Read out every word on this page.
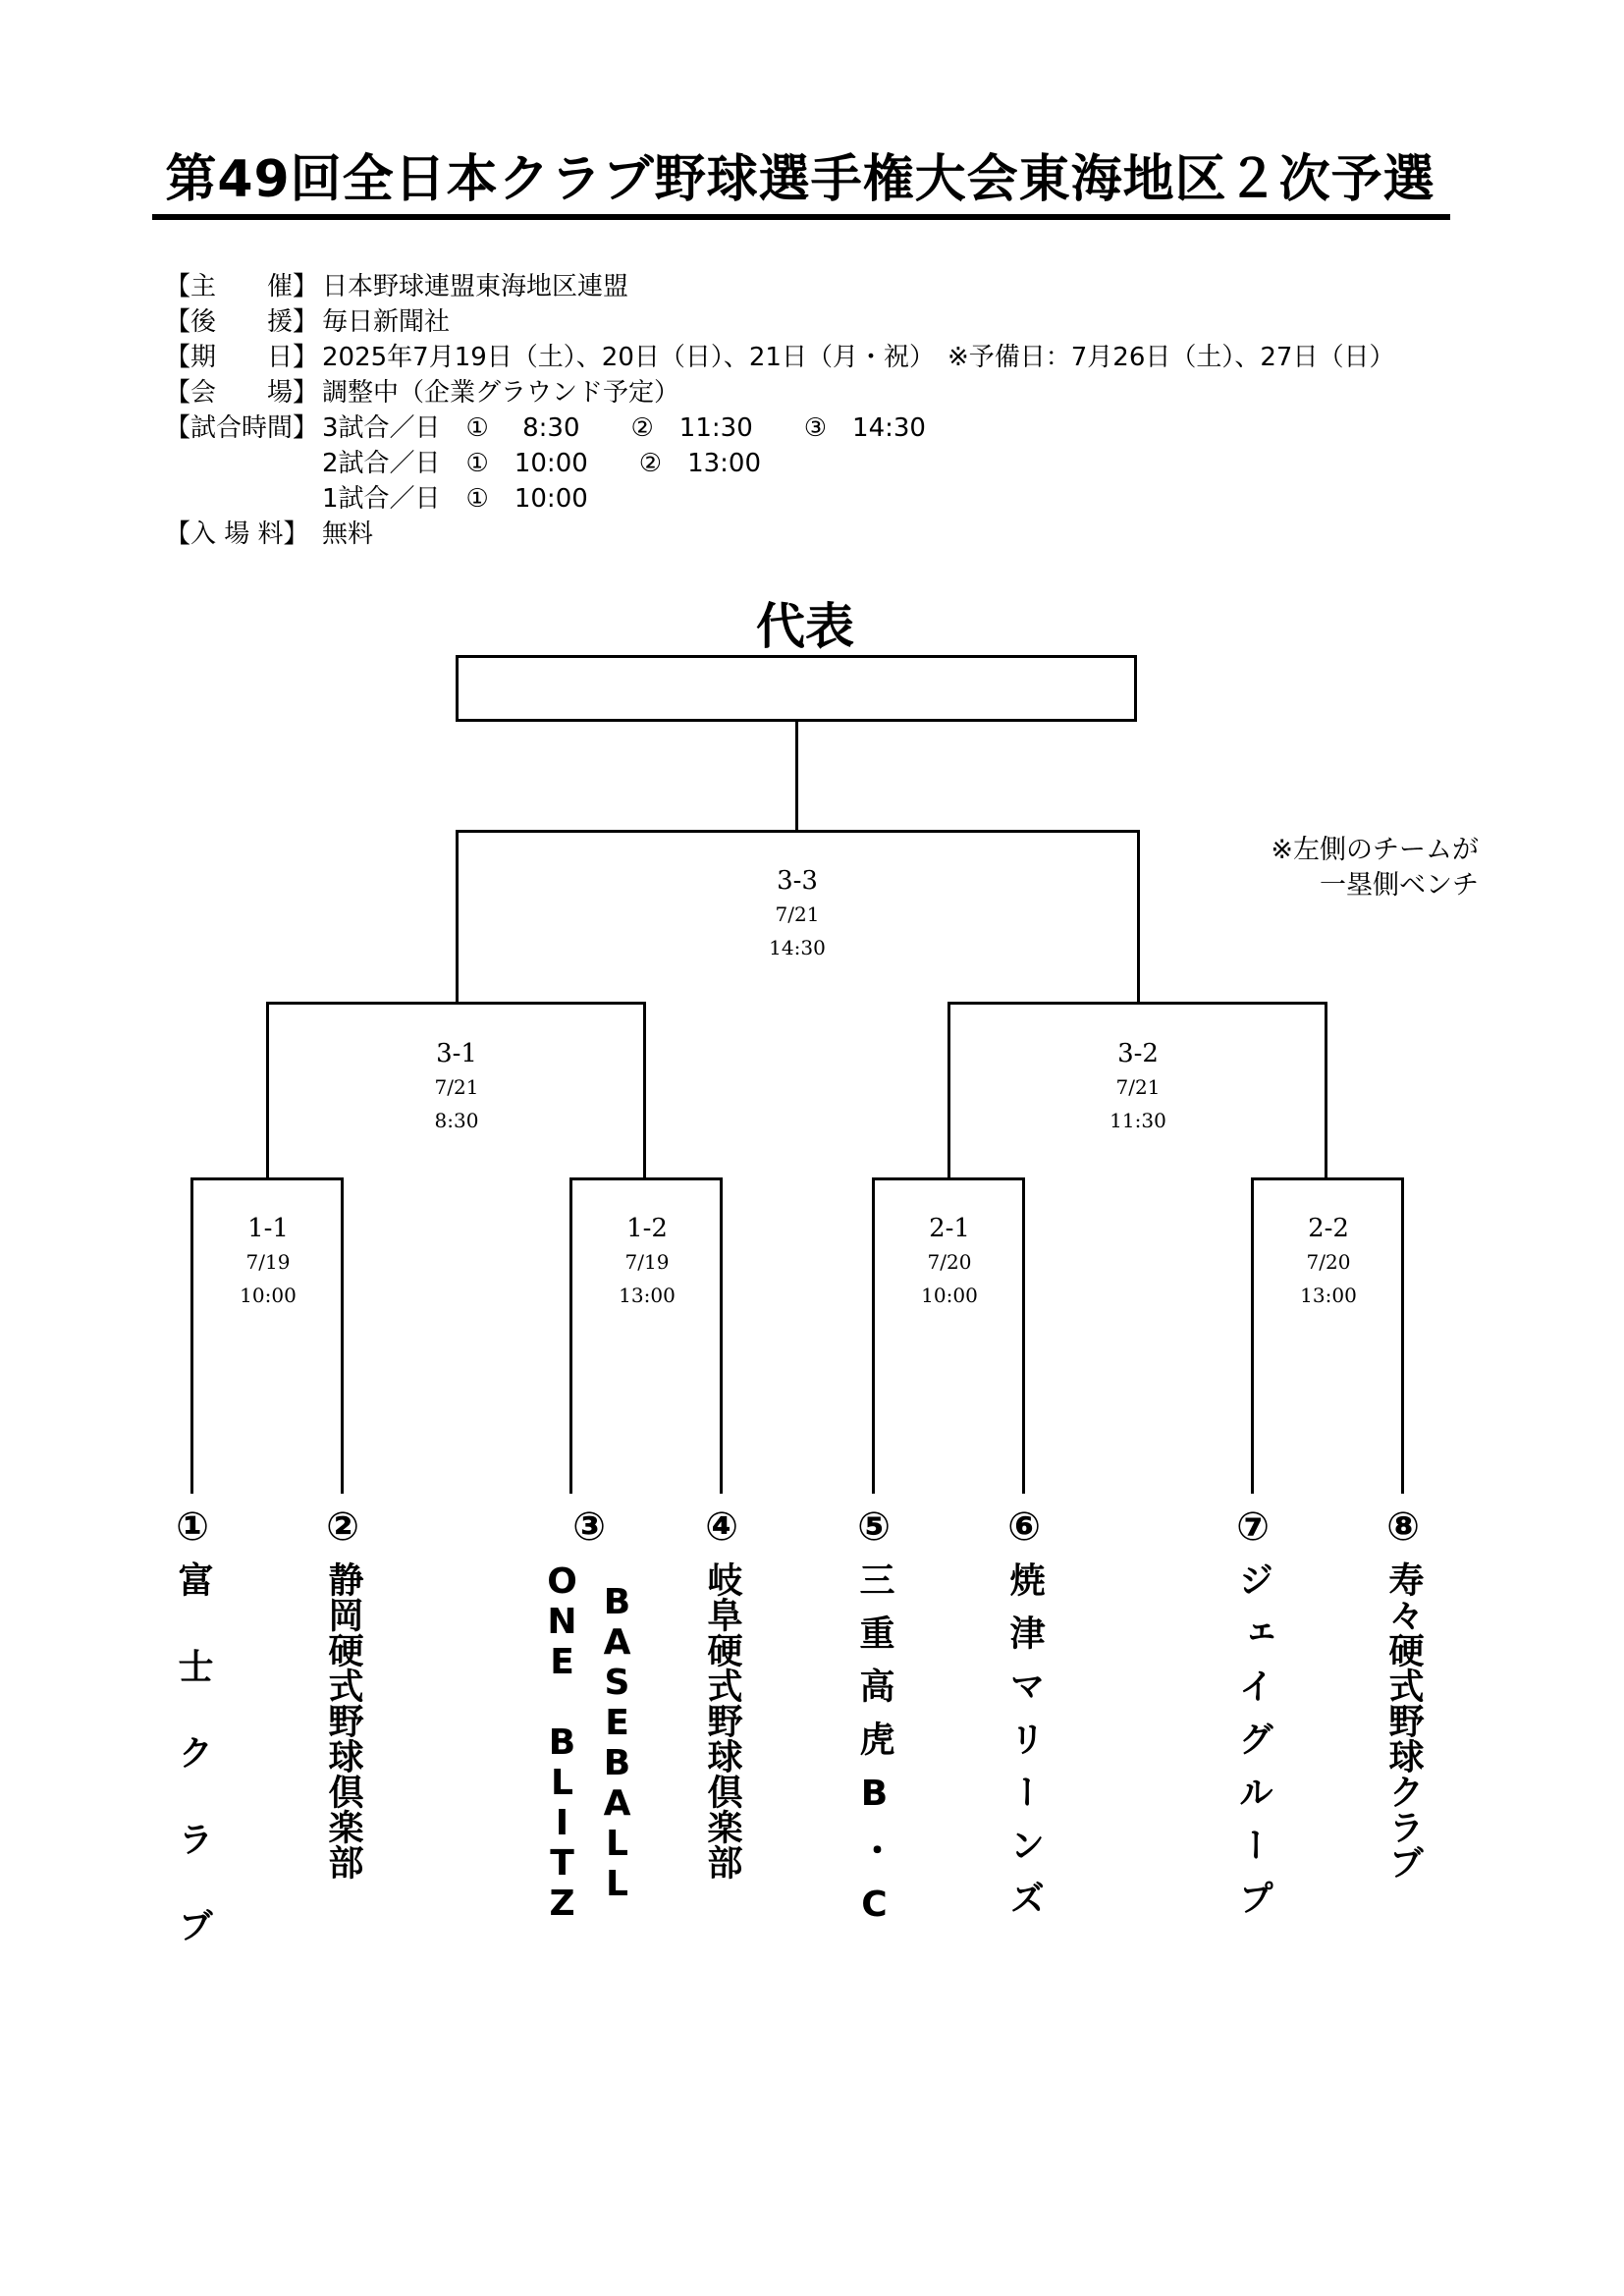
第49回全日本クラブ野球選手権大会東海地区２次予選
【主　　催】 日本野球連盟東海地区連盟
【後　　援】 毎日新聞社
【期　　日】 2025年7月19日（土）、20日（日）、21日（月・祝）　※予備日：7月26日（土）、27日（日）
【会　　場】 調整中（企業グラウンド予定）
【試合時間】 3試合／日　①　 8:30　　②　11:30　　③　14:30
2試合／日　①　10:00　　②　13:00
1試合／日　①　10:00
【入 場 料】 無料
代表
※左側のチームが
一塁側ベンチ
3-3
7/21
14:30
3-1
7/21
8:30
3-2
7/21
11:30
1-1
7/19
10:00
1-2
7/19
13:00
2-1
7/20
10:00
2-2
7/20
13:00
①
富士クラブ
②
静岡硬式野球倶楽部
③
BASEBALL
ONE BLITZ
④
岐阜硬式野球倶楽部
⑤
三重高虎B・C
⑥
焼津マリーンズ
⑦
ジェイグループ
⑧
寿々硬式野球クラブ
